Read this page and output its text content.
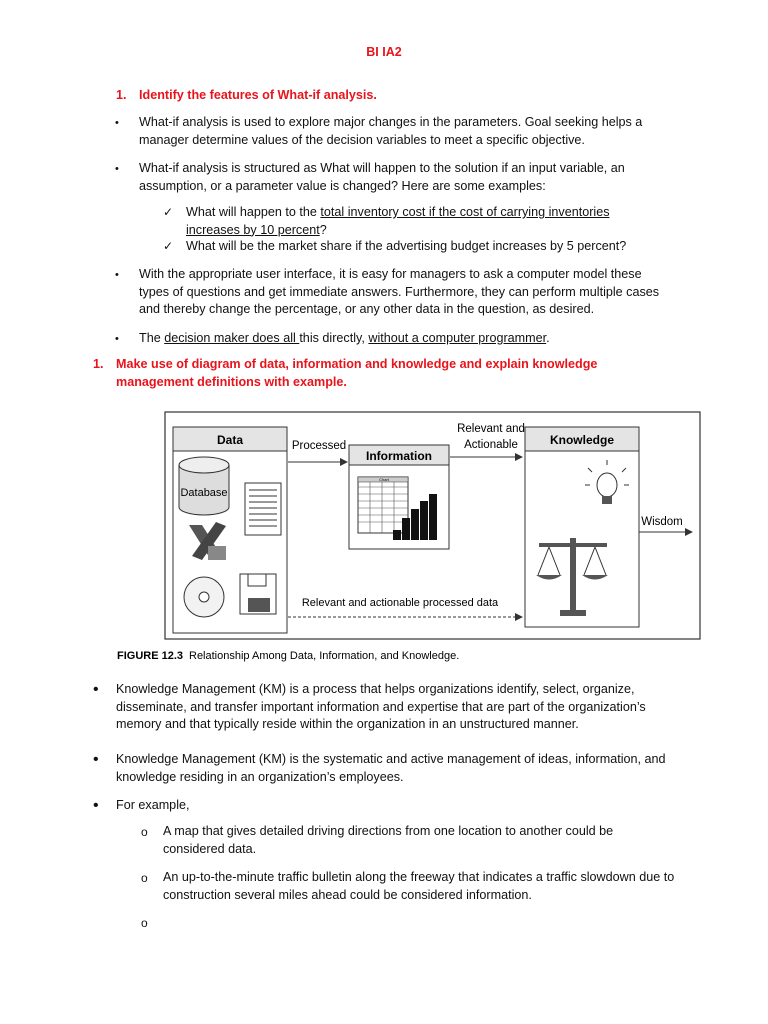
BI IA2
1. Identify the features of What-if analysis.
• What-if analysis is used to explore major changes in the parameters. Goal seeking helps a manager determine values of the decision variables to meet a specific objective.
• What-if analysis is structured as What will happen to the solution if an input variable, an assumption, or a parameter value is changed? Here are some examples:
✓ What will happen to the total inventory cost if the cost of carrying inventories increases by 10 percent?
✓ What will be the market share if the advertising budget increases by 5 percent?
• With the appropriate user interface, it is easy for managers to ask a computer model these types of questions and get immediate answers. Furthermore, they can perform multiple cases and thereby change the percentage, or any other data in the question, as desired.
• The decision maker does all this directly, without a computer programmer.
1. Make use of diagram of data, information and knowledge and explain knowledge management definitions with example.
Data
Database
Processed
Information
Chart
Relevant and
Actionable	Knowledge
Wisdom
Relevant and actionable processed data
FIGURE 12.3 Relationship Among Data, Information, and Knowledge.
• Knowledge Management (KM) is a process that helps organizations identify, select, organize, disseminate, and transfer important information and expertise that are part of the organization’s memory and that typically reside within the organization in an unstructured manner.
• Knowledge Management (KM) is the systematic and active management of ideas, information, and knowledge residing in an organization’s employees.
• For example,
o A map that gives detailed driving directions from one location to another could be considered data.
o An up-to-the-minute traffic bulletin along the freeway that indicates a traffic slowdown due to construction several miles ahead could be considered information.
o
